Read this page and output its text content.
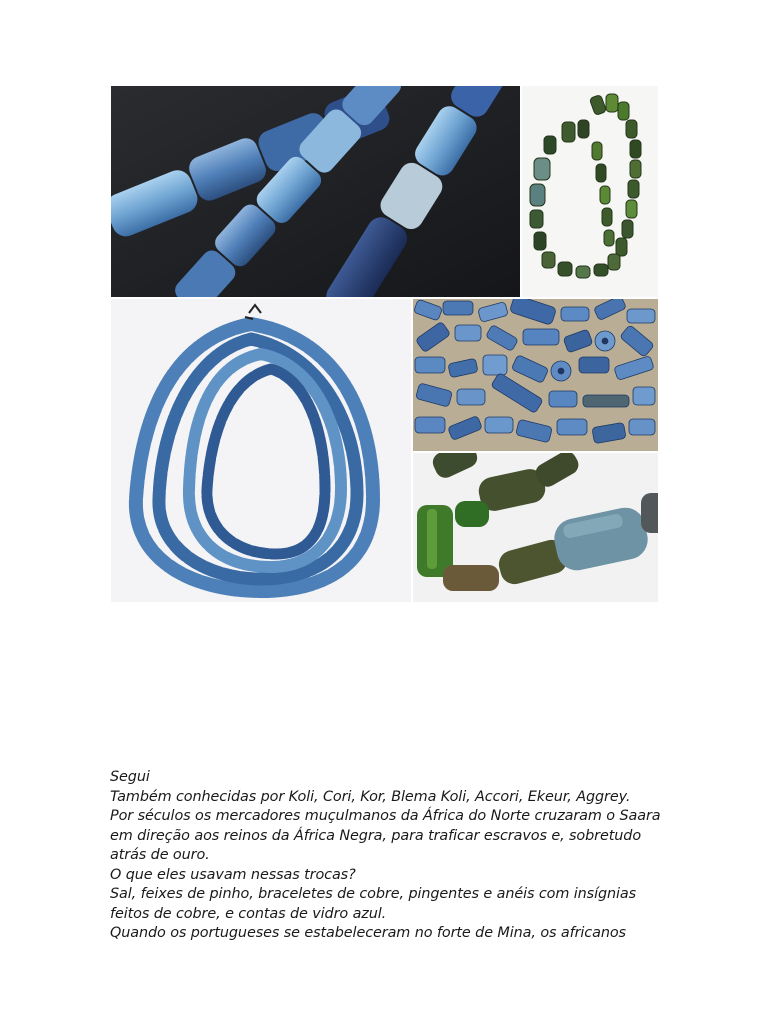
Segui
Também conhecidas por Koli, Cori, Kor, Blema Koli, Accori, Ekeur, Aggrey.
Por séculos os mercadores muçulmanos da África do Norte cruzaram o Saara
em direção aos reinos da África Negra, para traficar escravos e, sobretudo
atrás de ouro.
O que eles usavam nessas trocas?
Sal, feixes de pinho, braceletes de cobre, pingentes e anéis com insígnias
feitos de cobre, e contas de vidro azul.
Quando os portugueses se estabeleceram no forte de Mina, os africanos
